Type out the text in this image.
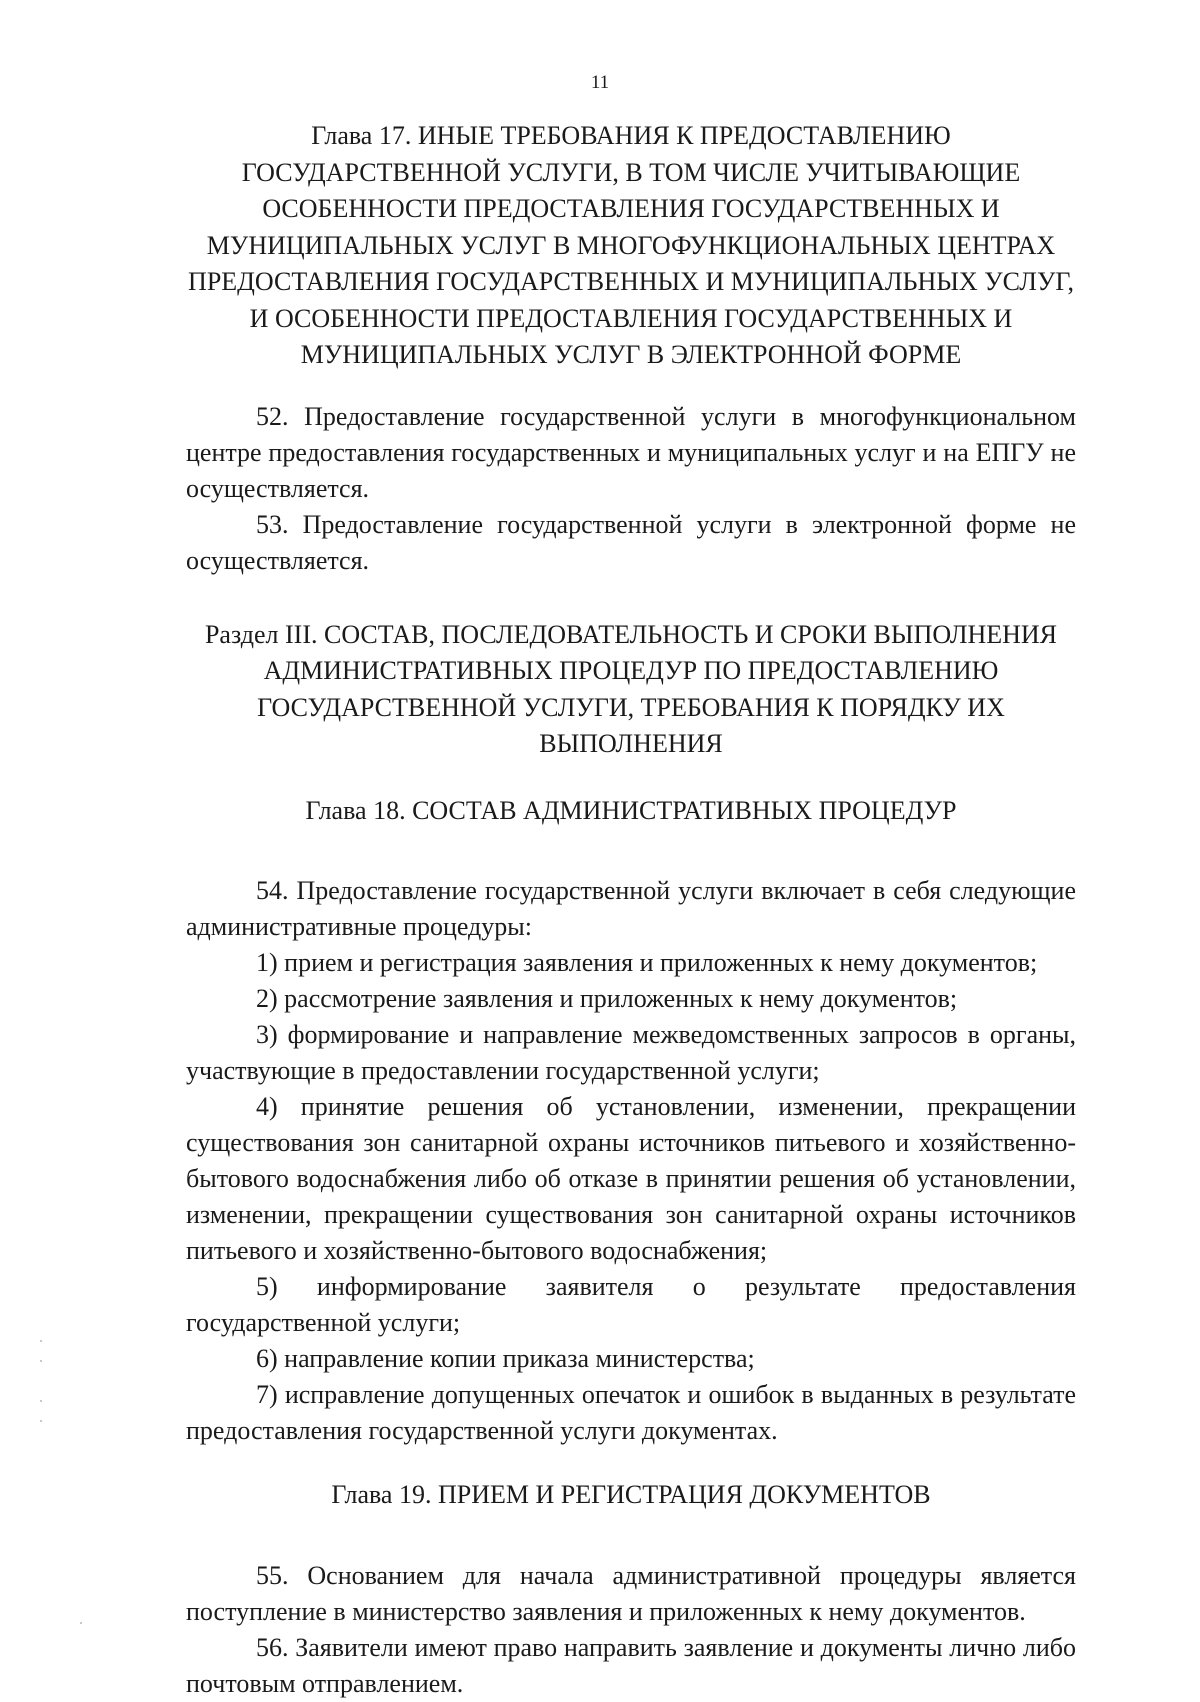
11
Глава 17. ИНЫЕ ТРЕБОВАНИЯ К ПРЕДОСТАВЛЕНИЮ ГОСУДАРСТВЕННОЙ УСЛУГИ, В ТОМ ЧИСЛЕ УЧИТЫВАЮЩИЕ ОСОБЕННОСТИ ПРЕДОСТАВЛЕНИЯ ГОСУДАРСТВЕННЫХ И МУНИЦИПАЛЬНЫХ УСЛУГ В МНОГОФУНКЦИОНАЛЬНЫХ ЦЕНТРАХ ПРЕДОСТАВЛЕНИЯ ГОСУДАРСТВЕННЫХ И МУНИЦИПАЛЬНЫХ УСЛУГ, И ОСОБЕННОСТИ ПРЕДОСТАВЛЕНИЯ ГОСУДАРСТВЕННЫХ И МУНИЦИПАЛЬНЫХ УСЛУГ В ЭЛЕКТРОННОЙ ФОРМЕ

52. Предоставление государственной услуги в многофункциональном центре предоставления государственных и муниципальных услуг и на ЕПГУ не осуществляется.

53. Предоставление государственной услуги в электронной форме не осуществляется.

Раздел III. СОСТАВ, ПОСЛЕДОВАТЕЛЬНОСТЬ И СРОКИ ВЫПОЛНЕНИЯ АДМИНИСТРАТИВНЫХ ПРОЦЕДУР ПО ПРЕДОСТАВЛЕНИЮ ГОСУДАРСТВЕННОЙ УСЛУГИ, ТРЕБОВАНИЯ К ПОРЯДКУ ИХ ВЫПОЛНЕНИЯ
Глава 18. СОСТАВ АДМИНИСТРАТИВНЫХ ПРОЦЕДУР

54. Предоставление государственной услуги включает в себя следующие административные процедуры:

1) прием и регистрация заявления и приложенных к нему документов;

2) рассмотрение заявления и приложенных к нему документов;

3) формирование и направление межведомственных запросов в органы, участвующие в предоставлении государственной услуги;

4) принятие решения об установлении, изменении, прекращении существования зон санитарной охраны источников питьевого и хозяйственно-бытового водоснабжения либо об отказе в принятии решения об установлении, изменении, прекращении существования зон санитарной охраны источников питьевого и хозяйственно-бытового водоснабжения;

5) информирование заявителя о результате предоставления государственной услуги;

6) направление копии приказа министерства;

7) исправление допущенных опечаток и ошибок в выданных в результате предоставления государственной услуги документах.

Глава 19. ПРИЕМ И РЕГИСТРАЦИЯ ДОКУМЕНТОВ

55. Основанием для начала административной процедуры является поступление в министерство заявления и приложенных к нему документов.

56. Заявители имеют право направить заявление и документы лично либо почтовым отправлением.
